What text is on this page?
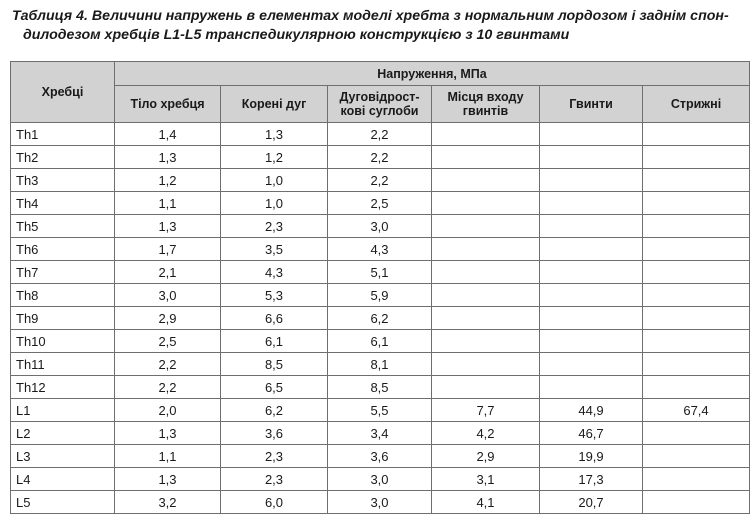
Таблиця 4. Величини напружень в елементах моделі хребта з нормальним лордозом і заднім спон-
дилодезом хребців L1-L5 транспедикулярною конструкцією з 10 гвинтами
Хребці	Напруження, МПа					
	Тіло хребця	Корені дуг	Дуговідрост-кові суглоби	Місця входу гвинтів	Гвинти	Стрижні
Th1	1,4	1,3	2,2			
Th2	1,3	1,2	2,2			
Th3	1,2	1,0	2,2			
Th4	1,1	1,0	2,5			
Th5	1,3	2,3	3,0			
Th6	1,7	3,5	4,3			
Th7	2,1	4,3	5,1			
Th8	3,0	5,3	5,9			
Th9	2,9	6,6	6,2			
Th10	2,5	6,1	6,1			
Th11	2,2	8,5	8,1			
Th12	2,2	6,5	8,5			
L1	2,0	6,2	5,5	7,7	44,9	67,4
L2	1,3	3,6	3,4	4,2	46,7	
L3	1,1	2,3	3,6	2,9	19,9	
L4	1,3	2,3	3,0	3,1	17,3	
L5	3,2	6,0	3,0	4,1	20,7	
